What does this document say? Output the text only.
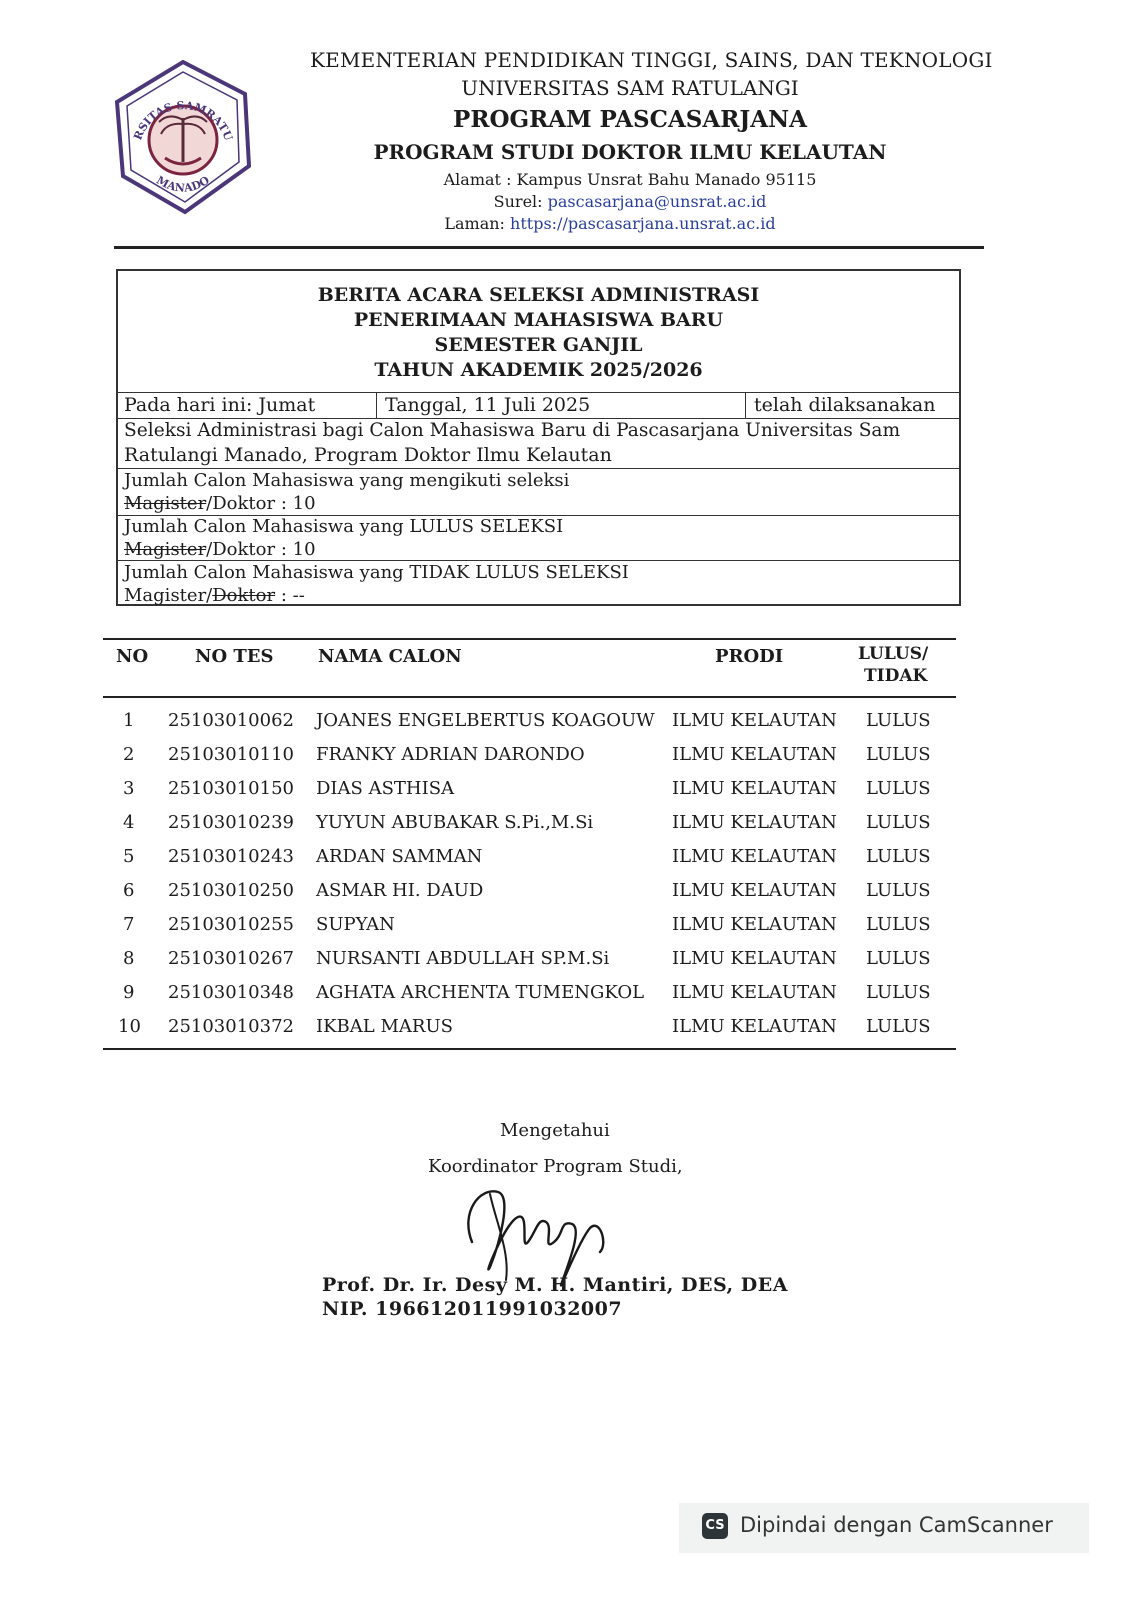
RSITAS SAMRATU
MANADO
KEMENTERIAN PENDIDIKAN TINGGI, SAINS, DAN TEKNOLOGI
UNIVERSITAS SAM RATULANGI
PROGRAM PASCASARJANA
PROGRAM STUDI DOKTOR ILMU KELAUTAN
Alamat : Kampus Unsrat Bahu Manado 95115
Surel: pascasarjana@unsrat.ac.id
Laman: https://pascasarjana.unsrat.ac.id
BERITA ACARA SELEKSI ADMINISTRASI
PENERIMAAN MAHASISWA BARU
SEMESTER GANJIL
TAHUN AKADEMIK 2025/2026
Pada hari ini: Jumat	Tanggal, 11 Juli 2025	telah dilaksanakan
Seleksi Administrasi bagi Calon Mahasiswa Baru di Pascasarjana Universitas Sam
Ratulangi Manado, Program Doktor Ilmu Kelautan
Jumlah Calon Mahasiswa yang mengikuti seleksi
Magister/Doktor : 10
Jumlah Calon Mahasiswa yang LULUS SELEKSI
Magister/Doktor : 10
Jumlah Calon Mahasiswa yang TIDAK LULUS SELEKSI
Magister/Doktor : --
NO	NO TES NAMA CALON	PRODI	LULUS/
TIDAK
1 25103010062 JOANES ENGELBERTUS KOAGOUW ILMU KELAUTAN LULUS
2 25103010110 FRANKY ADRIAN DARONDO	ILMU KELAUTAN LULUS
3 25103010150 DIAS ASTHISA	ILMU KELAUTAN LULUS
4 25103010239 YUYUN ABUBAKAR S.Pi.,M.Si	ILMU KELAUTAN LULUS
5 25103010243 ARDAN SAMMAN	ILMU KELAUTAN LULUS
6 25103010250 ASMAR HI. DAUD	ILMU KELAUTAN LULUS
7 25103010255 SUPYAN	ILMU KELAUTAN LULUS
8 25103010267 NURSANTI ABDULLAH SP.M.Si	ILMU KELAUTAN LULUS
9 25103010348 AGHATA ARCHENTA TUMENGKOL ILMU KELAUTAN LULUS
10 25103010372 IKBAL MARUS	ILMU KELAUTAN LULUS
Mengetahui
Koordinator Program Studi,
Prof. Dr. Ir. Desy M. H. Mantiri, DES, DEA
NIP. 196612011991032007
CS Dipindai dengan CamScanner
